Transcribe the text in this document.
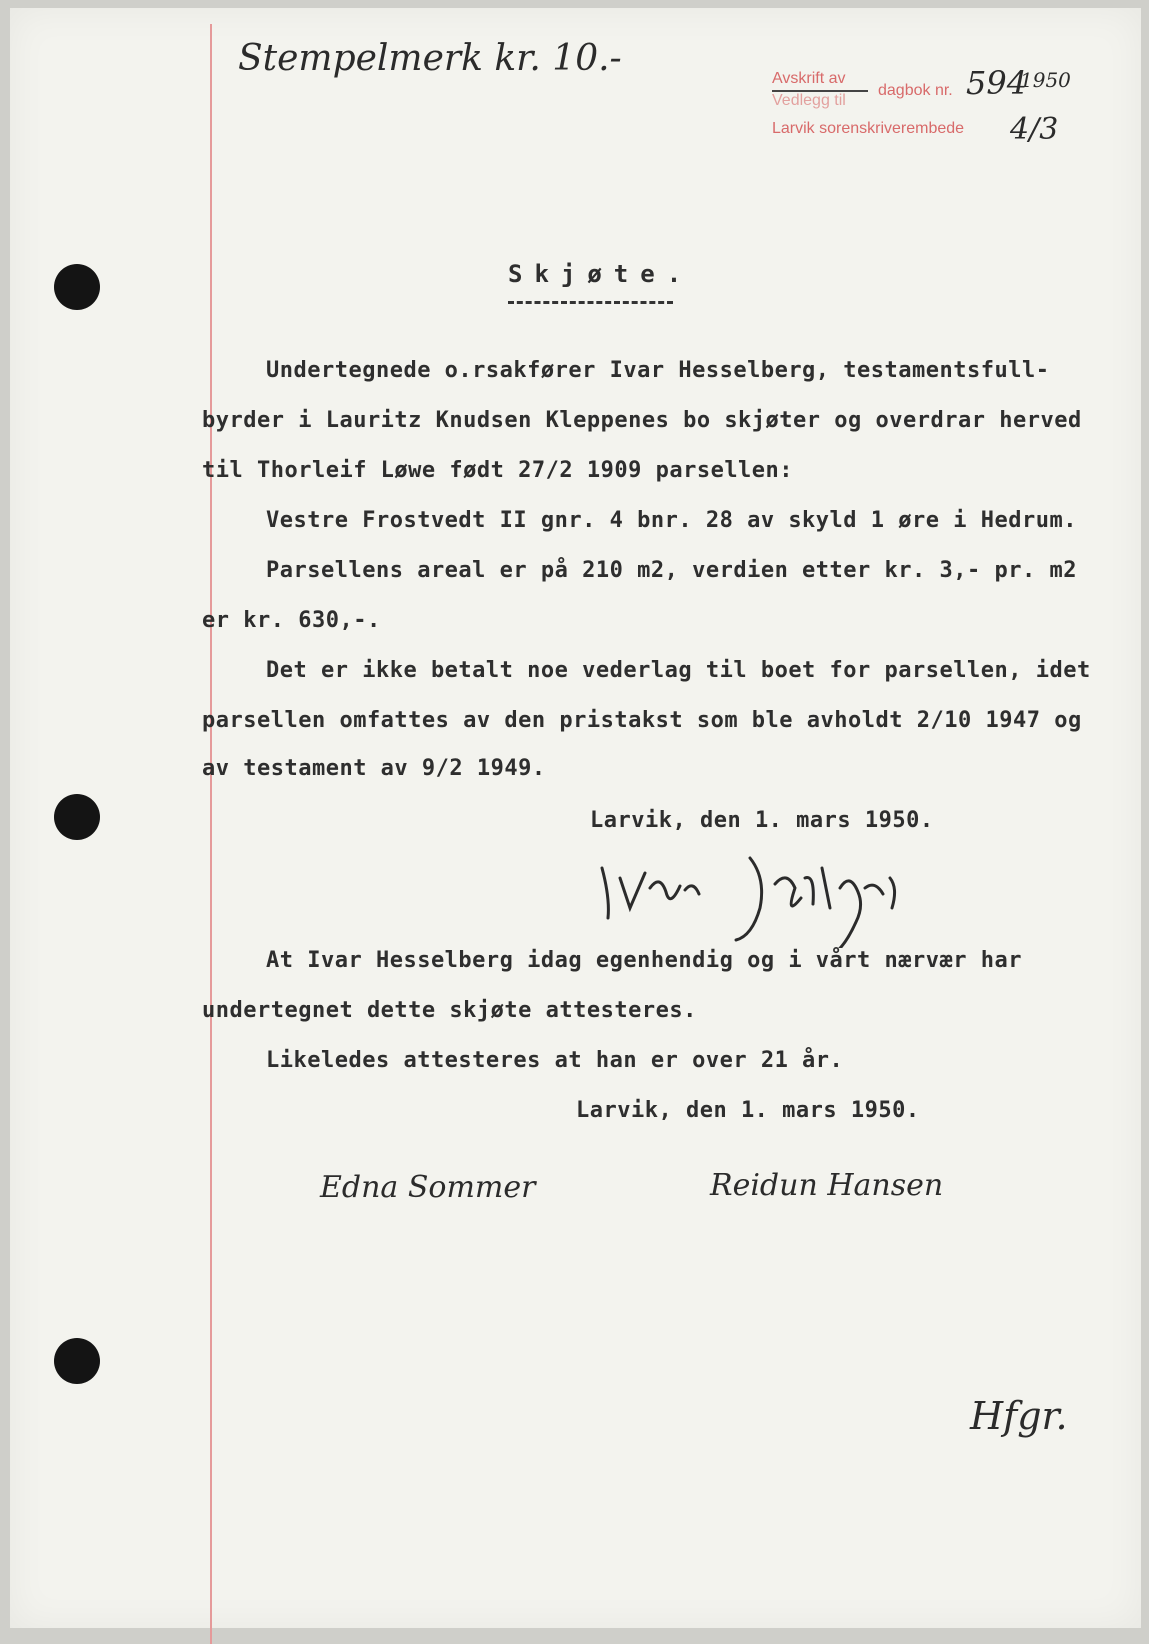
Stempelmerk kr. 10.-	Avskrift av
Vedlegg til
dagbok nr. 594
1950
Larvik sorenskriverembede 4/3
Skjøte.
Undertegnede o.rsakfører Ivar Hesselberg, testamentsfull-
byrder i Lauritz Knudsen Kleppenes bo skjøter og overdrar herved
til Thorleif Løwe født 27/2 1909 parsellen:
Vestre Frostvedt II gnr. 4 bnr. 28 av skyld 1 øre i Hedrum.
Parsellens areal er på 210 m2, verdien etter kr. 3,- pr. m2
er kr. 630,-.
Det er ikke betalt noe vederlag til boet for parsellen, idet
parsellen omfattes av den pristakst som ble avholdt 2/10 1947 og
av testament av 9/2 1949.
Larvik, den 1. mars 1950.
At Ivar Hesselberg idag egenhendig og i vårt nærvær har
undertegnet dette skjøte attesteres.
Likeledes attesteres at han er over 21 år.
Larvik, den 1. mars 1950.
Edna Sommer	Reidun Hansen
Hfgr.
